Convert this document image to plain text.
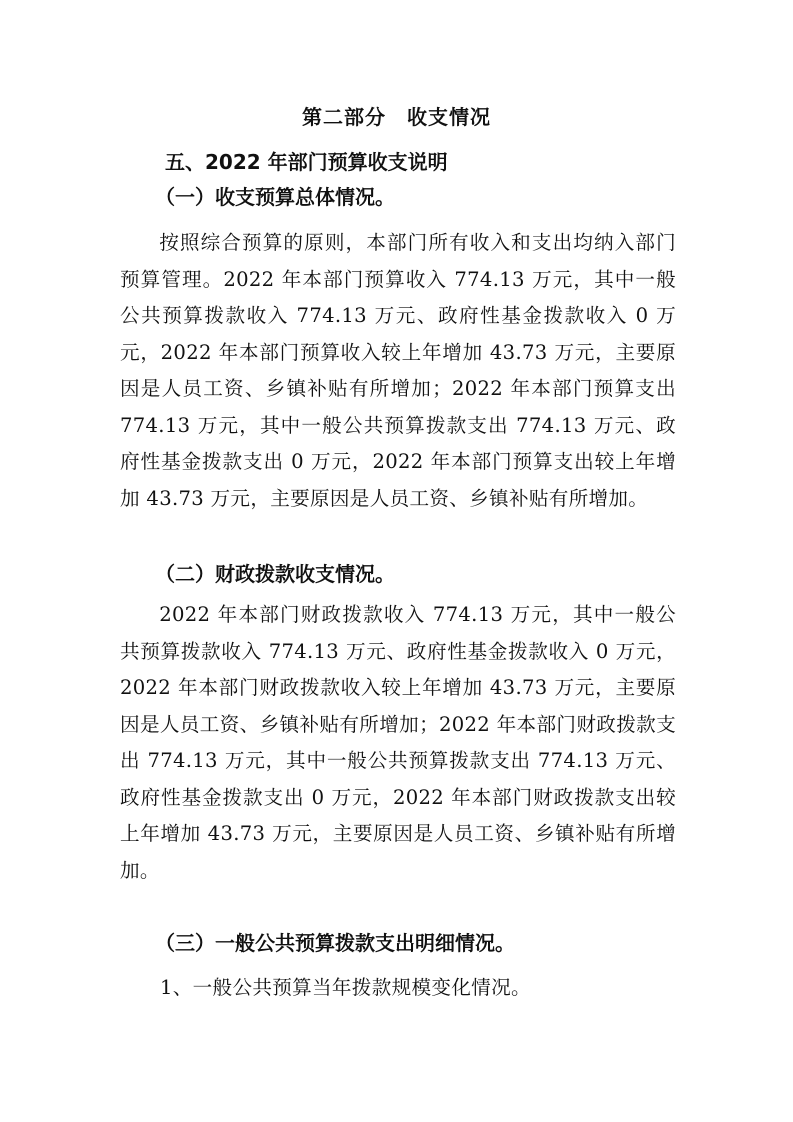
第二部分　收支情况
五、2022 年部门预算收支说明
（一）收支预算总体情况。
按照综合预算的原则，本部门所有收入和支出均纳入部门预算管理。2022 年本部门预算收入 774.13 万元，其中一般公共预算拨款收入 774.13 万元、政府性基金拨款收入 0 万元，2022 年本部门预算收入较上年增加 43.73 万元，主要原因是人员工资、乡镇补贴有所增加；2022 年本部门预算支出 774.13 万元，其中一般公共预算拨款支出 774.13 万元、政府性基金拨款支出 0 万元，2022 年本部门预算支出较上年增加 43.73 万元，主要原因是人员工资、乡镇补贴有所增加。
（二）财政拨款收支情况。
2022 年本部门财政拨款收入 774.13 万元，其中一般公共预算拨款收入 774.13 万元、政府性基金拨款收入 0 万元，2022 年本部门财政拨款收入较上年增加 43.73 万元，主要原因是人员工资、乡镇补贴有所增加；2022 年本部门财政拨款支出 774.13 万元，其中一般公共预算拨款支出 774.13 万元、政府性基金拨款支出 0 万元，2022 年本部门财政拨款支出较上年增加 43.73 万元，主要原因是人员工资、乡镇补贴有所增加。
（三）一般公共预算拨款支出明细情况。
1、一般公共预算当年拨款规模变化情况。
